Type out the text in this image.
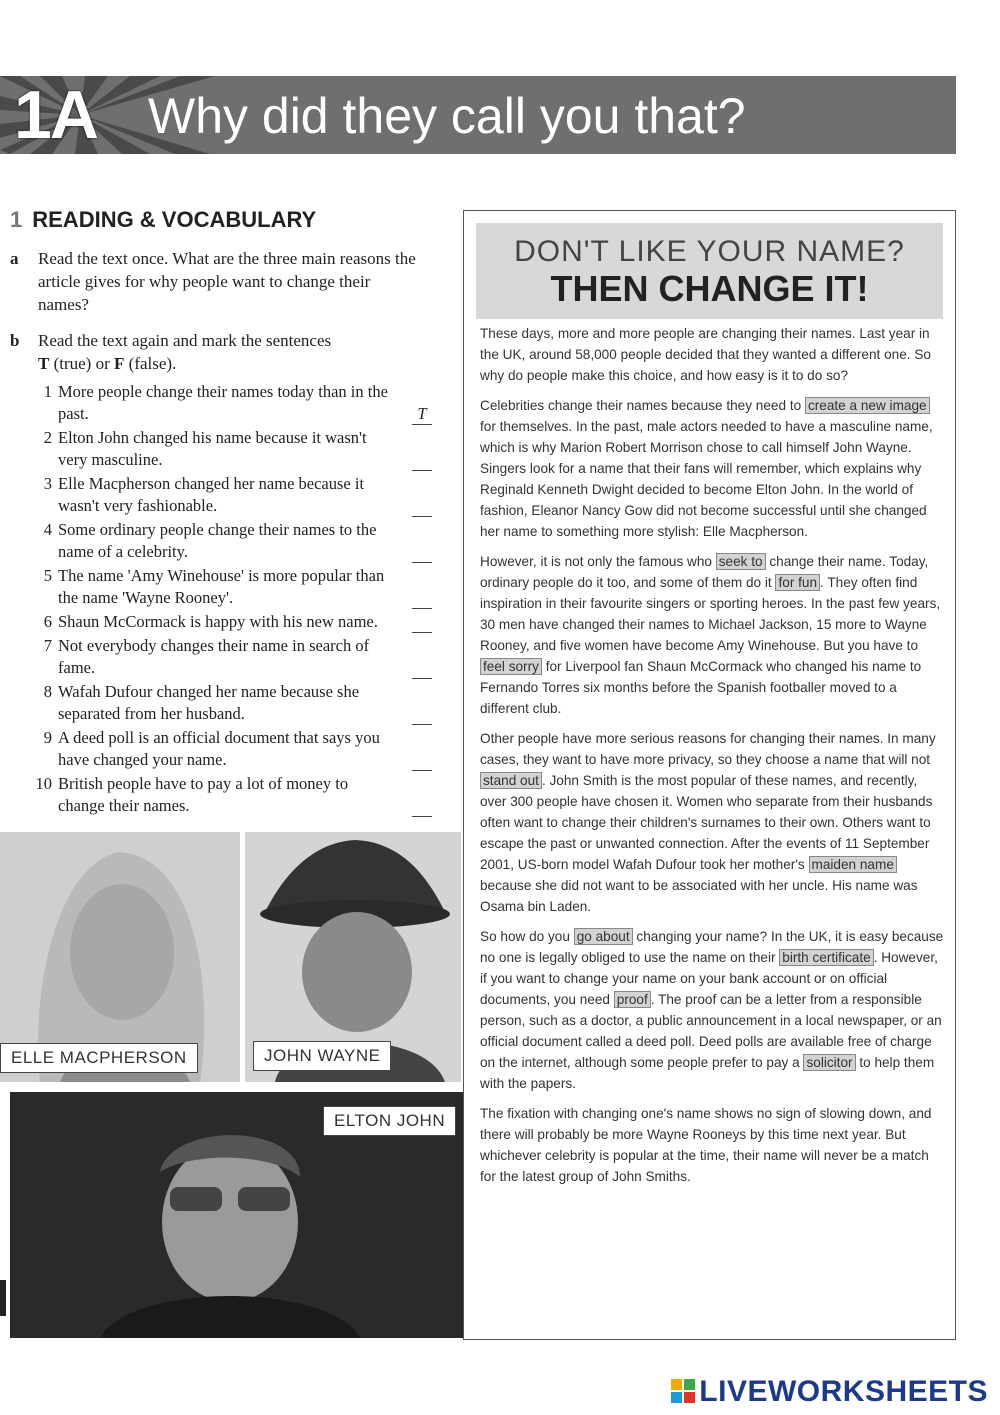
1A Why did they call you that?
1 READING & VOCABULARY
a Read the text once. What are the three main reasons the article gives for why people want to change their names?
b Read the text again and mark the sentences
T (true) or F (false).
1 More people change their names today than in the past.	T
2 Elton John changed his name because it wasn't very masculine.
3 Elle Macpherson changed her name because it wasn't very fashionable.
4 Some ordinary people change their names to the name of a celebrity.
5 The name 'Amy Winehouse' is more popular than the name 'Wayne Rooney'.
6 Shaun McCormack is happy with his new name.
7 Not everybody changes their name in search of fame.
8 Wafah Dufour changed her name because she separated from her husband.
9 A deed poll is an official document that says you have changed your name.
10 British people have to pay a lot of money to change their names.
ELLE MACPHERSON	JOHN WAYNE
ELTON JOHN
DON'T LIKE YOUR NAME?
THEN CHANGE IT!

These days, more and more people are changing their names. Last year in the UK, around 58,000 people decided that they wanted a different one. So why do people make this choice, and how easy is it to do so?

Celebrities change their names because they need to create a new image for themselves. In the past, male actors needed to have a masculine name, which is why Marion Robert Morrison chose to call himself John Wayne. Singers look for a name that their fans will remember, which explains why Reginald Kenneth Dwight decided to become Elton John. In the world of fashion, Eleanor Nancy Gow did not become successful until she changed her name to something more stylish: Elle Macpherson.

However, it is not only the famous who seek to change their name. Today, ordinary people do it too, and some of them do it for fun . They often find inspiration in their favourite singers or sporting heroes. In the past few years, 30 men have changed their names to Michael Jackson, 15 more to Wayne Rooney, and five women have become Amy Winehouse. But you have to feel sorry for Liverpool fan Shaun McCormack who changed his name to Fernando Torres six months before the Spanish footballer moved to a different club.

Other people have more serious reasons for changing their names. In many cases, they want to have more privacy, so they choose a name that will not stand out . John Smith is the most popular of these names, and recently, over 300 people have chosen it. Women who separate from their husbands often want to change their children's surnames to their own. Others want to escape the past or unwanted connection. After the events of 11 September 2001, US-born model Wafah Dufour took her mother's maiden name because she did not want to be associated with her uncle. His name was Osama bin Laden.

So how do you go about changing your name? In the UK, it is easy because no one is legally obliged to use the name on their birth certificate . However, if you want to change your name on your bank account or on official documents, you need proof . The proof can be a letter from a responsible person, such as a doctor, a public announcement in a local newspaper, or an official document called a deed poll. Deed polls are available free of charge on the internet, although some people prefer to pay a solicitor to help them with the papers.

The fixation with changing one's name shows no sign of slowing down, and there will probably be more Wayne Rooneys by this time next year. But whichever celebrity is popular at the time, their name will never be a match for the latest group of John Smiths.

LIVEWORKSHEETS
